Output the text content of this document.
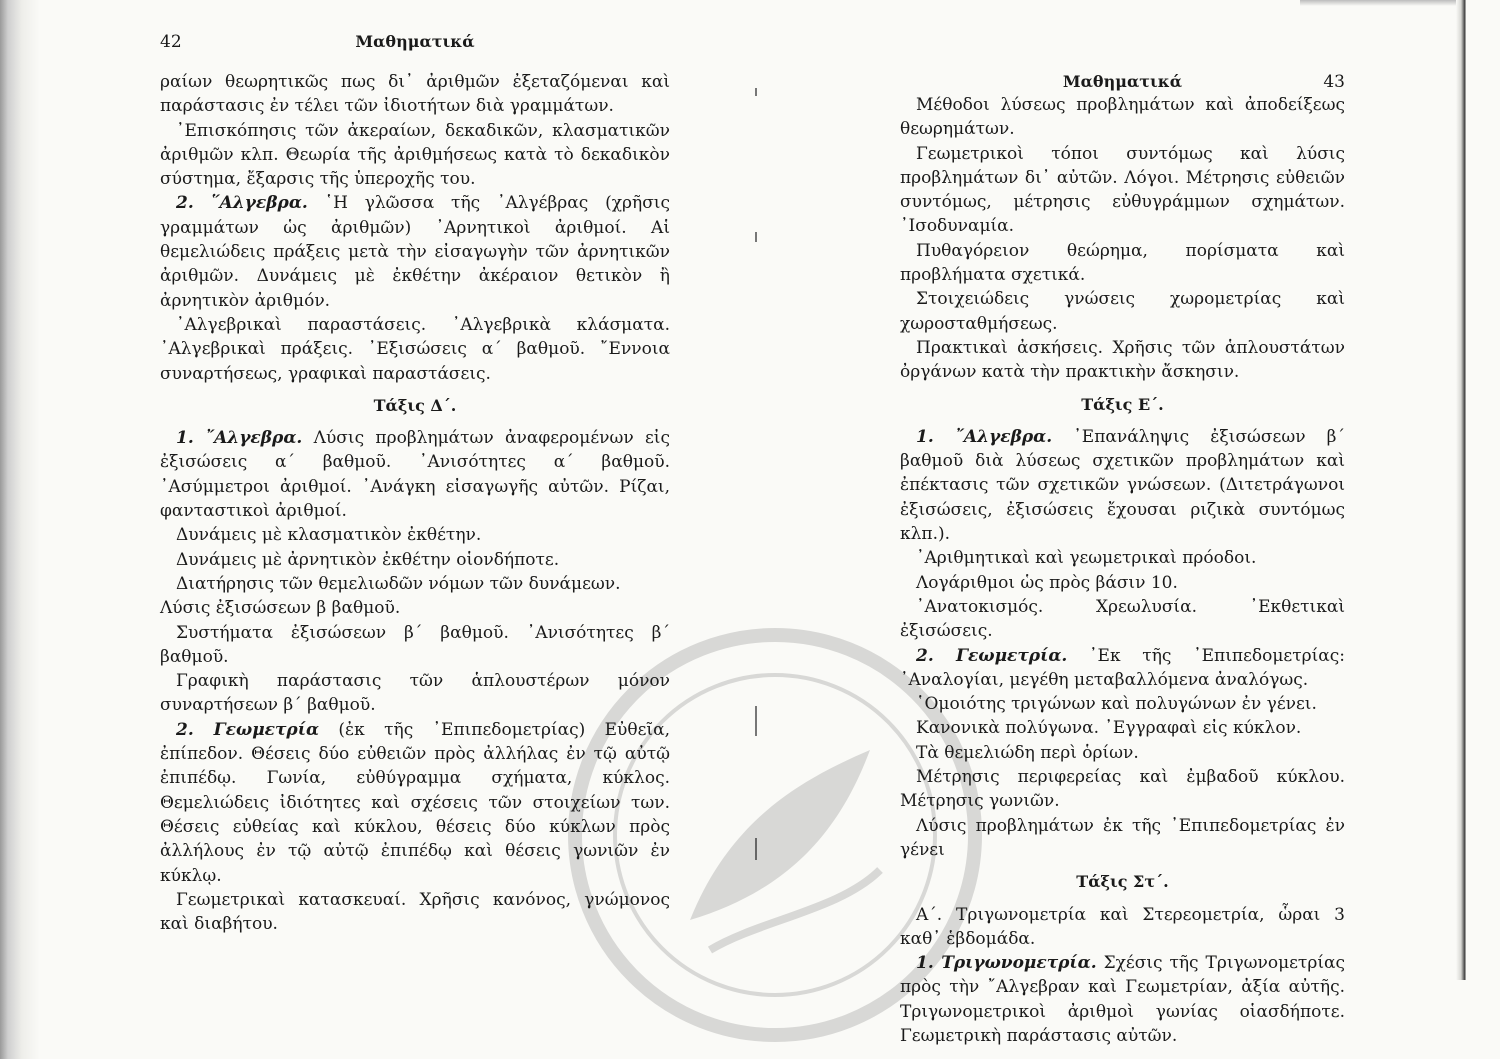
42	Μαθηματικά

ραίων θεωρητικῶς πως δι᾽ ἀριθμῶν ἐξεταζόμεναι καὶ παράστασις ἐν τέλει τῶν ἰδιοτήτων διὰ γραμμάτων.

᾽Επισκόπησις τῶν ἀκεραίων, δεκαδικῶν, κλασματικῶν ἀριθμῶν κλπ. Θεωρία τῆς ἀριθμήσεως κατὰ τὸ δεκαδικὸν σύστημα, ἔξαρσις τῆς ὑπεροχῆς του.

2. ῞Αλγεβρα. ῾Η γλῶσσα τῆς ᾽Αλγέβρας (χρῆσις γραμμάτων ὡς ἀριθμῶν) ᾽Αρνητικοὶ ἀριθμοί. Αἱ θεμελιώδεις πράξεις μετὰ τὴν εἰσαγωγὴν τῶν ἀρνητικῶν ἀριθμῶν. Δυνάμεις μὲ ἐκθέτην ἀκέραιον θετικὸν ἢ ἀρνητικὸν ἀριθμόν.

᾽Αλγεβρικαὶ παραστάσεις. ᾽Αλγεβρικὰ κλάσματα. ᾽Αλγεβρικαὶ πράξεις. ᾽Εξισώσεις α´ βαθμοῦ. ῎Εννοια συναρτήσεως, γραφικαὶ παραστάσεις.

Τάξις Δ´.

1. ῎Αλγεβρα. Λύσις προβλημάτων ἀναφερομένων εἰς ἐξισώσεις α´ βαθμοῦ. ᾽Ανισότητες α´ βαθμοῦ. ᾽Ασύμμετροι ἀριθμοί. ᾽Ανάγκη εἰσαγωγῆς αὐτῶν. Ρίζαι, φανταστικοὶ ἀριθμοί.

Δυνάμεις μὲ κλασματικὸν ἐκθέτην.

Δυνάμεις μὲ ἀρνητικὸν ἐκθέτην οἱονδήποτε.

Διατήρησις τῶν θεμελιωδῶν νόμων τῶν δυνάμεων.

Λύσις ἐξισώσεων β βαθμοῦ.

Συστήματα ἐξισώσεων β´ βαθμοῦ. ᾽Ανισότητες β´ βαθμοῦ.

Γραφικὴ παράστασις τῶν ἁπλουστέρων μόνον συναρτήσεων β´ βαθμοῦ.

2. Γεωμετρία (ἐκ τῆς ᾽Επιπεδομετρίας) Εὐθεῖα, ἐπίπεδον. Θέσεις δύο εὐθειῶν πρὸς ἀλλήλας ἐν τῷ αὐτῷ ἐπιπέδῳ. Γωνία, εὐθύγραμμα σχήματα, κύκλος. Θεμελιώδεις ἰδιότητες καὶ σχέσεις τῶν στοιχείων των. Θέσεις εὐθείας καὶ κύκλου, θέσεις δύο κύκλων πρὸς ἀλλήλους ἐν τῷ αὐτῷ ἐπιπέδῳ καὶ θέσεις γωνιῶν ἐν κύκλῳ.

Γεωμετρικαὶ κατασκευαί. Χρῆσις κανόνος, γνώμονος καὶ διαβήτου.

Μαθηματικά	43

Μέθοδοι λύσεως προβλημάτων καὶ ἀποδείξεως θεωρημάτων.

Γεωμετρικοὶ τόποι συντόμως καὶ λύσις προβλημάτων δι᾽ αὐτῶν. Λόγοι. Μέτρησις εὐθειῶν συντόμως, μέτρησις εὐθυγράμμων σχημάτων. ᾽Ισοδυναμία.

Πυθαγόρειον θεώρημα, πορίσματα καὶ προβλήματα σχετικά.

Στοιχειώδεις γνώσεις χωρομετρίας καὶ χωροσταθμήσεως.

Πρακτικαὶ ἀσκήσεις. Χρῆσις τῶν ἁπλουστάτων ὀργάνων κατὰ τὴν πρακτικὴν ἄσκησιν.

Τάξις Ε´.

1. ῎Αλγεβρα. ᾽Επανάληψις ἐξισώσεων β´ βαθμοῦ διὰ λύσεως σχετικῶν προβλημάτων καὶ ἐπέκτασις τῶν σχετικῶν γνώσεων. (Διτετράγωνοι ἐξισώσεις, ἐξισώσεις ἔχουσαι ριζικὰ συντόμως κλπ.).

᾽Αριθμητικαὶ καὶ γεωμετρικαὶ πρόοδοι.

Λογάριθμοι ὡς πρὸς βάσιν 10.

᾽Ανατοκισμός. Χρεωλυσία. ᾽Εκθετικαὶ ἐξισώσεις.

2. Γεωμετρία. ᾽Εκ τῆς ᾽Επιπεδομετρίας: ᾽Αναλογίαι, μεγέθη μεταβαλλόμενα ἀναλόγως.

῾Ομοιότης τριγώνων καὶ πολυγώνων ἐν γένει.

Κανονικὰ πολύγωνα. ᾽Εγγραφαὶ εἰς κύκλον.

Τὰ θεμελιώδη περὶ ὁρίων.

Μέτρησις περιφερείας καὶ ἐμβαδοῦ κύκλου. Μέτρησις γωνιῶν.

Λύσις προβλημάτων ἐκ τῆς ᾽Επιπεδομετρίας ἐν γένει

Τάξις Στ´.

Α´. Τριγωνομετρία καὶ Στερεομετρία, ὧραι 3 καθ᾽ ἑβδομάδα.

1. Τριγωνομετρία. Σχέσις τῆς Τριγωνομετρίας πρὸς τὴν ῎Αλγεβραν καὶ Γεωμετρίαν, ἀξία αὐτῆς. Τριγωνομετρικοὶ ἀριθμοὶ γωνίας οἱασδήποτε. Γεωμετρικὴ παράστασις αὐτῶν.
